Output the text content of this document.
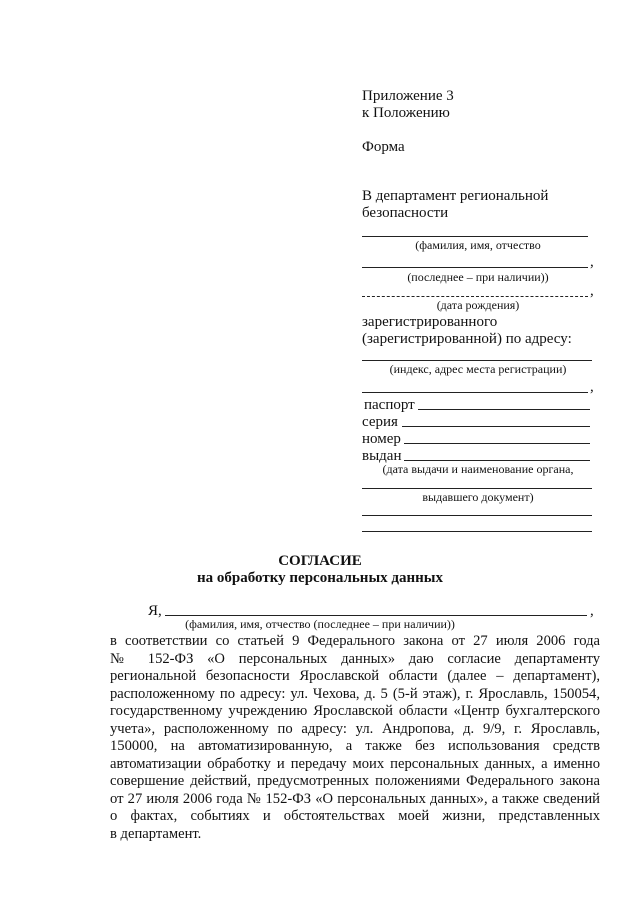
Приложение 3
к Положению
Форма
В департамент региональной
безопасности
(фамилия, имя, отчество
,
(последнее – при наличии))
,
(дата рождения)
зарегистрированного
(зарегистрированной) по адресу:
(индекс, адрес места регистрации)
,
паспорт
серия
номер
выдан
(дата выдачи и наименование органа,
выдавшего документ)
СОГЛАСИЕ
на обработку персональных данных
Я,	,
(фамилия, имя, отчество (последнее – при наличии))
в соответствии со статьей 9 Федерального закона от 27 июля 2006 года
№ 152-ФЗ «О персональных данных» даю согласие департаменту
региональной безопасности Ярославской области (далее – департамент),
расположенному по адресу: ул. Чехова, д. 5 (5-й этаж), г. Ярославль, 150054,
государственному учреждению Ярославской области «Центр бухгалтерского
учета», расположенному по адресу: ул. Андропова, д. 9/9, г. Ярославль,
150000, на автоматизированную, а также без использования средств
автоматизации обработку и передачу моих персональных данных, а именно
совершение действий, предусмотренных положениями Федерального закона
от 27 июля 2006 года № 152-ФЗ «О персональных данных», а также сведений
о фактах, событиях и обстоятельствах моей жизни, представленных
в департамент.
